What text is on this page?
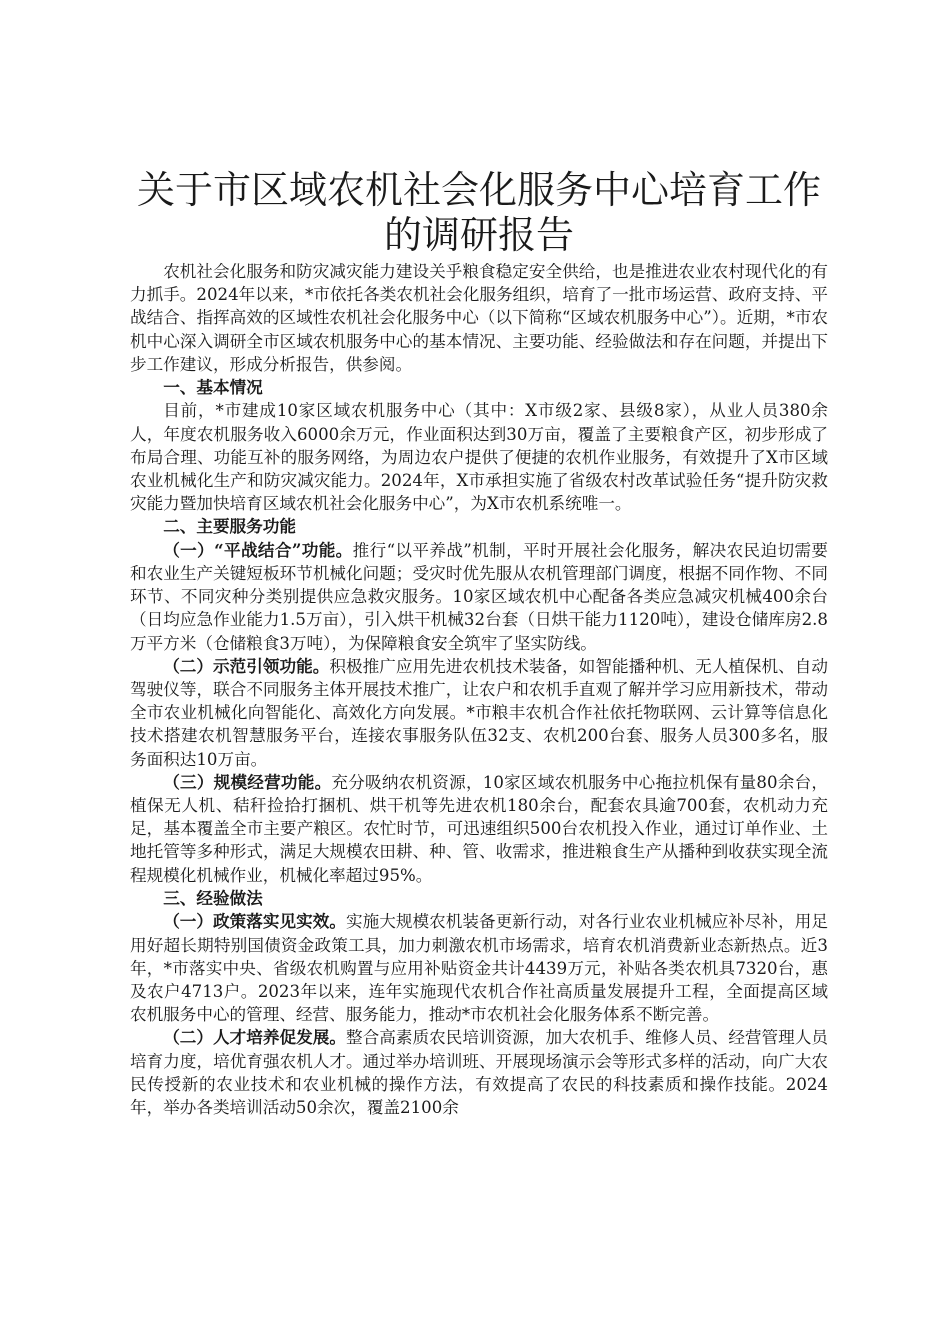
关于市区域农机社会化服务中心培育工作的调研报告

农机社会化服务和防灾减灾能力建设关乎粮食稳定安全供给，也是推进农业农村现代化的有力抓手。2024年以来，*市依托各类农机社会化服务组织，培育了一批市场运营、政府支持、平战结合、指挥高效的区域性农机社会化服务中心（以下简称“区域农机服务中心”）。近期，*市农机中心深入调研全市区域农机服务中心的基本情况、主要功能、经验做法和存在问题，并提出下步工作建议，形成分析报告，供参阅。

一、基本情况

目前，*市建成10家区域农机服务中心（其中：X市级2家、县级8家），从业人员380余人，年度农机服务收入6000余万元，作业面积达到30万亩，覆盖了主要粮食产区，初步形成了布局合理、功能互补的服务网络，为周边农户提供了便捷的农机作业服务，有效提升了X市区域农业机械化生产和防灾减灾能力。2024年，X市承担实施了省级农村改革试验任务“提升防灾救灾能力暨加快培育区域农机社会化服务中心”，为X市农机系统唯一。

二、主要服务功能

（一）“平战结合”功能。推行“以平养战”机制，平时开展社会化服务，解决农民迫切需要和农业生产关键短板环节机械化问题；受灾时优先服从农机管理部门调度，根据不同作物、不同环节、不同灾种分类别提供应急救灾服务。10家区域农机中心配备各类应急减灾机械400余台（日均应急作业能力1.5万亩），引入烘干机械32台套（日烘干能力1120吨），建设仓储库房2.8万平方米（仓储粮食3万吨），为保障粮食安全筑牢了坚实防线。

（二）示范引领功能。积极推广应用先进农机技术装备，如智能播种机、无人植保机、自动驾驶仪等，联合不同服务主体开展技术推广，让农户和农机手直观了解并学习应用新技术，带动全市农业机械化向智能化、高效化方向发展。*市粮丰农机合作社依托物联网、云计算等信息化技术搭建农机智慧服务平台，连接农事服务队伍32支、农机200台套、服务人员300多名，服务面积达10万亩。

（三）规模经营功能。充分吸纳农机资源，10家区域农机服务中心拖拉机保有量80余台，植保无人机、秸秆捡拾打捆机、烘干机等先进农机180余台，配套农具逾700套，农机动力充足，基本覆盖全市主要产粮区。农忙时节，可迅速组织500台农机投入作业，通过订单作业、土地托管等多种形式，满足大规模农田耕、种、管、收需求，推进粮食生产从播种到收获实现全流程规模化机械作业，机械化率超过95%。

三、经验做法

（一）政策落实见实效。实施大规模农机装备更新行动，对各行业农业机械应补尽补，用足用好超长期特别国债资金政策工具，加力刺激农机市场需求，培育农机消费新业态新热点。近3年，*市落实中央、省级农机购置与应用补贴资金共计4439万元，补贴各类农机具7320台，惠及农户4713户。2023年以来，连年实施现代农机合作社高质量发展提升工程，全面提高区域农机服务中心的管理、经营、服务能力，推动*市农机社会化服务体系不断完善。

（二）人才培养促发展。整合高素质农民培训资源，加大农机手、维修人员、经营管理人员培育力度，培优育强农机人才。通过举办培训班、开展现场演示会等形式多样的活动，向广大农民传授新的农业技术和农业机械的操作方法，有效提高了农民的科技素质和操作技能。2024年，举办各类培训活动50余次，覆盖2100余
